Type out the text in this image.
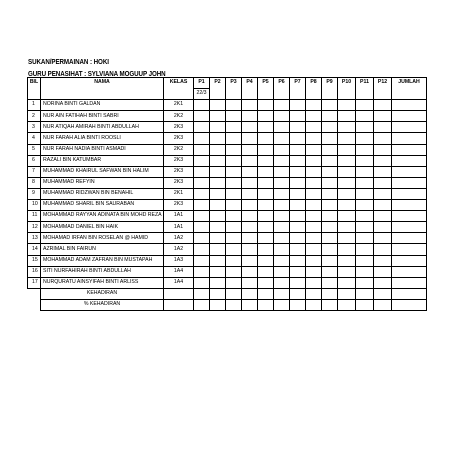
SUKAN/PERMAINAN : HOKI
GURU PENASIHAT : SYLVIANA MOGUUP JOHN
BIL	NAMA	KELAS	P1	P2	P3	P4	P5	P6	P7	P8	P9	P10	P11	P12	JUMLAH
			22/3												
1	NORINA BINTI GALDAN	2K1													
2	NUR AIN FATIHAH BINTI SABRI	2K2													
3	NUR ATIQAH AMIRAH BINTI ABDULLAH	2K3													
4	NUR FARAH ALIA BINTI ROOSLI	2K3													
5	NUR FARAH NADIA BINTI ASMADI	2K2													
6	RAZALI BIN KATUMBAR	2K3													
7	MUHAMMAD KHAIRUL SAFWAN BIN HALIM	2K3													
8	MUHAMMAD REFYIN	2K3													
9	MUHAMMAD RIDZWAN BIN BENAHIL	2K1													
10	MUHAMMAD SHARIL BIN SAURABAN	2K3													
11	MOHAMMAD RAYYAN ADINATA BIN MOHD REZA	1A1													
12	MOHAMMAD DANIEL BIN HAIK	1A1													
13	MOHAMAD IRFAN BIN ROSELAN @ HAMID	1A2													
14	AZRIMAL BIN FAIRUN	1A2													
15	MOHAMMAD ADAM ZAFRAN BIN MUSTAPAH	1A3													
16	SITI NURFAHIRAH BINTI ABDULLAH	1A4													
17	NURQURATU AINSYIFAH BINTI ARLISS	1A4													
	KEHADIRAN														
	% KEHADIRAN														
